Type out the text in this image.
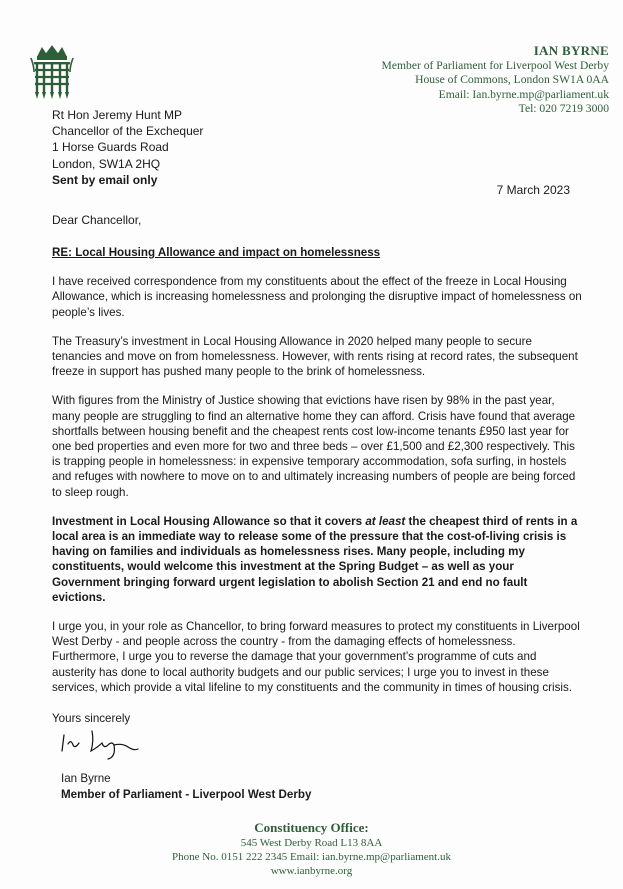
IAN BYRNE
Member of Parliament for Liverpool West Derby
House of Commons, London SW1A 0AA
Email: Ian.byrne.mp@parliament.uk
Tel: 020 7219 3000
Rt Hon Jeremy Hunt MP
Chancellor of the Exchequer
1 Horse Guards Road
London, SW1A 2HQ
Sent by email only
7 March 2023
Dear Chancellor,

RE: Local Housing Allowance and impact on homelessness

I have received correspondence from my constituents about the effect of the freeze in Local Housing Allowance, which is increasing homelessness and prolonging the disruptive impact of homelessness on people’s lives.

The Treasury’s investment in Local Housing Allowance in 2020 helped many people to secure tenancies and move on from homelessness. However, with rents rising at record rates, the subsequent freeze in support has pushed many people to the brink of homelessness.

With figures from the Ministry of Justice showing that evictions have risen by 98% in the past year, many people are struggling to find an alternative home they can afford. Crisis have found that average shortfalls between housing benefit and the cheapest rents cost low-income tenants £950 last year for one bed properties and even more for two and three beds – over £1,500 and £2,300 respectively. This is trapping people in homelessness: in expensive temporary accommodation, sofa surfing, in hostels and refuges with nowhere to move on to and ultimately increasing numbers of people are being forced to sleep rough.

Investment in Local Housing Allowance so that it covers at least the cheapest third of rents in a local area is an immediate way to release some of the pressure that the cost-of-living crisis is having on families and individuals as homelessness rises. Many people, including my constituents, would welcome this investment at the Spring Budget – as well as your Government bringing forward urgent legislation to abolish Section 21 and end no fault evictions.

I urge you, in your role as Chancellor, to bring forward measures to protect my constituents in Liverpool West Derby - and people across the country - from the damaging effects of homelessness. Furthermore, I urge you to reverse the damage that your government’s programme of cuts and austerity has done to local authority budgets and our public services; I urge you to invest in these services, which provide a vital lifeline to my constituents and the community in times of housing crisis.

Yours sincerely
Ian Byrne
Member of Parliament - Liverpool West Derby
Constituency Office:
545 West Derby Road L13 8AA
Phone No. 0151 222 2345 Email: ian.byrne.mp@parliament.uk
www.ianbyrne.org
